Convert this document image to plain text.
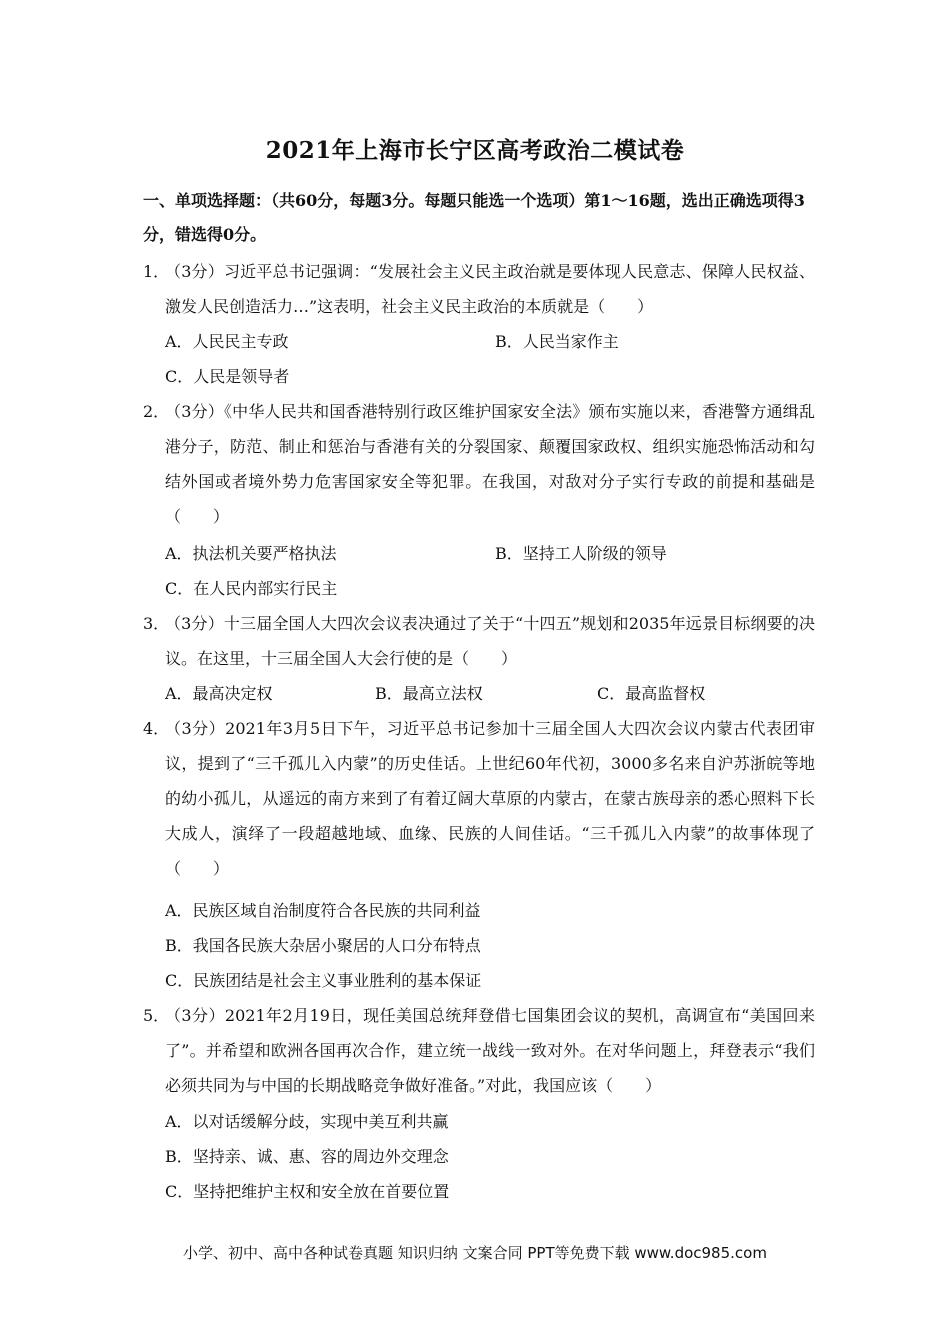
2021年上海市长宁区高考政治二模试卷
一、单项选择题：（共60分，每题3分。每题只能选一个选项）第1～16题，选出正确选项得3分，错选得0分。
1．
（3分）习近平总书记强调：“发展社会主义民主政治就是要体现人民意志、保障人民权益、激发人民创造活力…”这表明，社会主义民主政治的本质就是（　　）
A．人民民主专政	B．人民当家作主
C．人民是领导者
2．
（3分）《中华人民共和国香港特别行政区维护国家安全法》颁布实施以来，香港警方通缉乱港分子，防范、制止和惩治与香港有关的分裂国家、颠覆国家政权、组织实施恐怖活动和勾结外国或者境外势力危害国家安全等犯罪。在我国，对敌对分子实行专政的前提和基础是（　　）
A．执法机关要严格执法	B．坚持工人阶级的领导
C．在人民内部实行民主
3．
（3分）十三届全国人大四次会议表决通过了关于“十四五”规划和2035年远景目标纲要的决议。在这里，十三届全国人大会行使的是（　　）
A．最高决定权	B．最高立法权	C．最高监督权
4．
（3分）2021年3月5日下午，习近平总书记参加十三届全国人大四次会议内蒙古代表团审议，提到了“三千孤儿入内蒙”的历史佳话。上世纪60年代初，3000多名来自沪苏浙皖等地的幼小孤儿，从遥远的南方来到了有着辽阔大草原的内蒙古，在蒙古族母亲的悉心照料下长大成人，演绎了一段超越地域、血缘、民族的人间佳话。“三千孤儿入内蒙”的故事体现了（　　）
A．民族区域自治制度符合各民族的共同利益
B．我国各民族大杂居小聚居的人口分布特点
C．民族团结是社会主义事业胜利的基本保证
5．
（3分）2021年2月19日，现任美国总统拜登借七国集团会议的契机，高调宣布“美国回来了”。并希望和欧洲各国再次合作，建立统一战线一致对外。在对华问题上，拜登表示“我们必须共同为与中国的长期战略竞争做好准备。”对此，我国应该（　　）
A．以对话缓解分歧，实现中美互利共赢
B．坚持亲、诚、惠、容的周边外交理念
C．坚持把维护主权和安全放在首要位置
小学、初中、高中各种试卷真题 知识归纳 文案合同 PPT等免费下载 www.doc985.com
